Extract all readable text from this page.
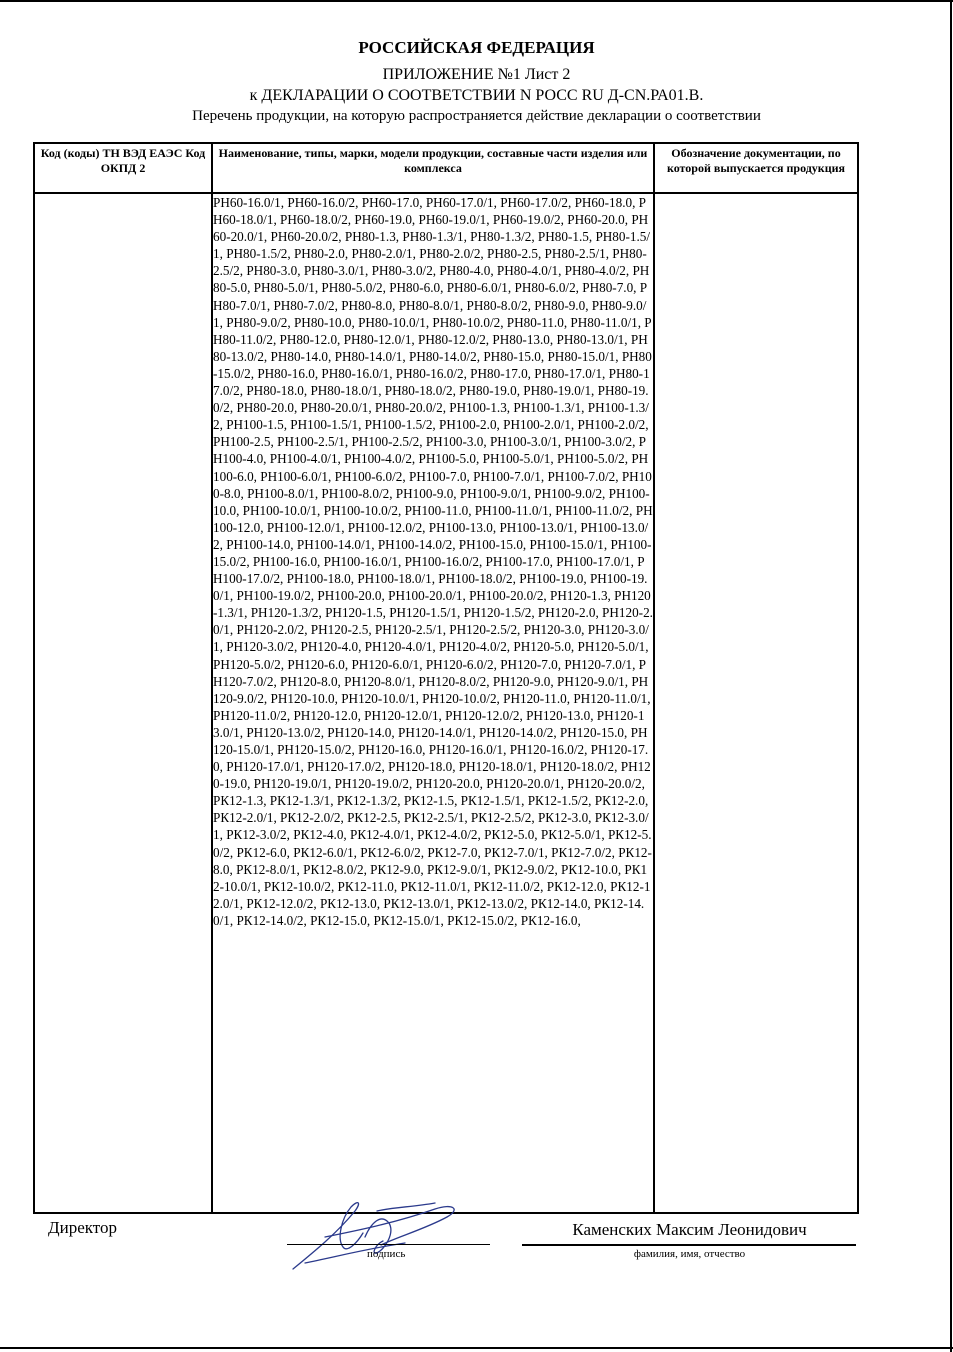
РОССИЙСКАЯ ФЕДЕРАЦИЯ
ПРИЛОЖЕНИЕ №1 Лист 2
к ДЕКЛАРАЦИИ О СООТВЕТСТВИИ N РОСС RU Д-CN.РА01.В.
Перечень продукции, на которую распространяется действие декларации о соответствии
Код (коды) ТН ВЭД ЕАЭС Код ОКПД 2	Наименование, типы, марки, модели продукции, составные части изделия или комплекса	Обозначение документации, по которой выпускается продукция
	РН60-16.0/1, РН60-16.0/2, РН60-17.0, РН60-17.0/1, РН60-17.0/2, РН60-18.0, РН60-18.0/1, РН60-18.0/2, РН60-19.0, РН60-19.0/1, РН60-19.0/2, РН60-20.0, РН60-20.0/1, РН60-20.0/2, РН80-1.3, РН80-1.3/1, РН80-1.3/2, РН80-1.5, РН80-1.5/1, РН80-1.5/2, РН80-2.0, РН80-2.0/1, РН80-2.0/2, РН80-2.5, РН80-2.5/1, РН80-2.5/2, РН80-3.0, РН80-3.0/1, РН80-3.0/2, РН80-4.0, РН80-4.0/1, РН80-4.0/2, РН80-5.0, РН80-5.0/1, РН80-5.0/2, РН80-6.0, РН80-6.0/1, РН80-6.0/2, РН80-7.0, РН80-7.0/1, РН80-7.0/2, РН80-8.0, РН80-8.0/1, РН80-8.0/2, РН80-9.0, РН80-9.0/1, РН80-9.0/2, РН80-10.0, РН80-10.0/1, РН80-10.0/2, РН80-11.0, РН80-11.0/1, РН80-11.0/2, РН80-12.0, РН80-12.0/1, РН80-12.0/2, РН80-13.0, РН80-13.0/1, РН80-13.0/2, РН80-14.0, РН80-14.0/1, РН80-14.0/2, РН80-15.0, РН80-15.0/1, РН80-15.0/2, РН80-16.0, РН80-16.0/1, РН80-16.0/2, РН80-17.0, РН80-17.0/1, РН80-17.0/2, РН80-18.0, РН80-18.0/1, РН80-18.0/2, РН80-19.0, РН80-19.0/1, РН80-19.0/2, РН80-20.0, РН80-20.0/1, РН80-20.0/2, РН100-1.3, РН100-1.3/1, РН100-1.3/2, РН100-1.5, РН100-1.5/1, РН100-1.5/2, РН100-2.0, РН100-2.0/1, РН100-2.0/2, РН100-2.5, РН100-2.5/1, РН100-2.5/2, РН100-3.0, РН100-3.0/1, РН100-3.0/2, РН100-4.0, РН100-4.0/1, РН100-4.0/2, РН100-5.0, РН100-5.0/1, РН100-5.0/2, РН100-6.0, РН100-6.0/1, РН100-6.0/2, РН100-7.0, РН100-7.0/1, РН100-7.0/2, РН100-8.0, РН100-8.0/1, РН100-8.0/2, РН100-9.0, РН100-9.0/1, РН100-9.0/2, РН100-10.0, РН100-10.0/1, РН100-10.0/2, РН100-11.0, РН100-11.0/1, РН100-11.0/2, РН100-12.0, РН100-12.0/1, РН100-12.0/2, РН100-13.0, РН100-13.0/1, РН100-13.0/2, РН100-14.0, РН100-14.0/1, РН100-14.0/2, РН100-15.0, РН100-15.0/1, РН100-15.0/2, РН100-16.0, РН100-16.0/1, РН100-16.0/2, РН100-17.0, РН100-17.0/1, РН100-17.0/2, РН100-18.0, РН100-18.0/1, РН100-18.0/2, РН100-19.0, РН100-19.0/1, РН100-19.0/2, РН100-20.0, РН100-20.0/1, РН100-20.0/2, РН120-1.3, РН120-1.3/1, РН120-1.3/2, РН120-1.5, РН120-1.5/1, РН120-1.5/2, РН120-2.0, РН120-2.0/1, РН120-2.0/2, РН120-2.5, РН120-2.5/1, РН120-2.5/2, РН120-3.0, РН120-3.0/1, РН120-3.0/2, РН120-4.0, РН120-4.0/1, РН120-4.0/2, РН120-5.0, РН120-5.0/1, РН120-5.0/2, РН120-6.0, РН120-6.0/1, РН120-6.0/2, РН120-7.0, РН120-7.0/1, РН120-7.0/2, РН120-8.0, РН120-8.0/1, РН120-8.0/2, РН120-9.0, РН120-9.0/1, РН120-9.0/2, РН120-10.0, РН120-10.0/1, РН120-10.0/2, РН120-11.0, РН120-11.0/1, РН120-11.0/2, РН120-12.0, РН120-12.0/1, РН120-12.0/2, РН120-13.0, РН120-13.0/1, РН120-13.0/2, РН120-14.0, РН120-14.0/1, РН120-14.0/2, РН120-15.0, РН120-15.0/1, РН120-15.0/2, РН120-16.0, РН120-16.0/1, РН120-16.0/2, РН120-17.0, РН120-17.0/1, РН120-17.0/2, РН120-18.0, РН120-18.0/1, РН120-18.0/2, РН120-19.0, РН120-19.0/1, РН120-19.0/2, РН120-20.0, РН120-20.0/1, РН120-20.0/2, РК12-1.3, РК12-1.3/1, РК12-1.3/2, РК12-1.5, РК12-1.5/1, РК12-1.5/2, РК12-2.0, РК12-2.0/1, РК12-2.0/2, РК12-2.5, РК12-2.5/1, РК12-2.5/2, РК12-3.0, РК12-3.0/1, РК12-3.0/2, РК12-4.0, РК12-4.0/1, РК12-4.0/2, РК12-5.0, РК12-5.0/1, РК12-5.0/2, РК12-6.0, РК12-6.0/1, РК12-6.0/2, РК12-7.0, РК12-7.0/1, РК12-7.0/2, РК12-8.0, РК12-8.0/1, РК12-8.0/2, РК12-9.0, РК12-9.0/1, РК12-9.0/2, РК12-10.0, РК12-10.0/1, РК12-10.0/2, РК12-11.0, РК12-11.0/1, РК12-11.0/2, РК12-12.0, РК12-12.0/1, РК12-12.0/2, РК12-13.0, РК12-13.0/1, РК12-13.0/2, РК12-14.0, РК12-14.0/1, РК12-14.0/2, РК12-15.0, РК12-15.0/1, РК12-15.0/2, РК12-16.0,	
Директор
подпись
Каменских Максим Леонидович
фамилия, имя, отчество
